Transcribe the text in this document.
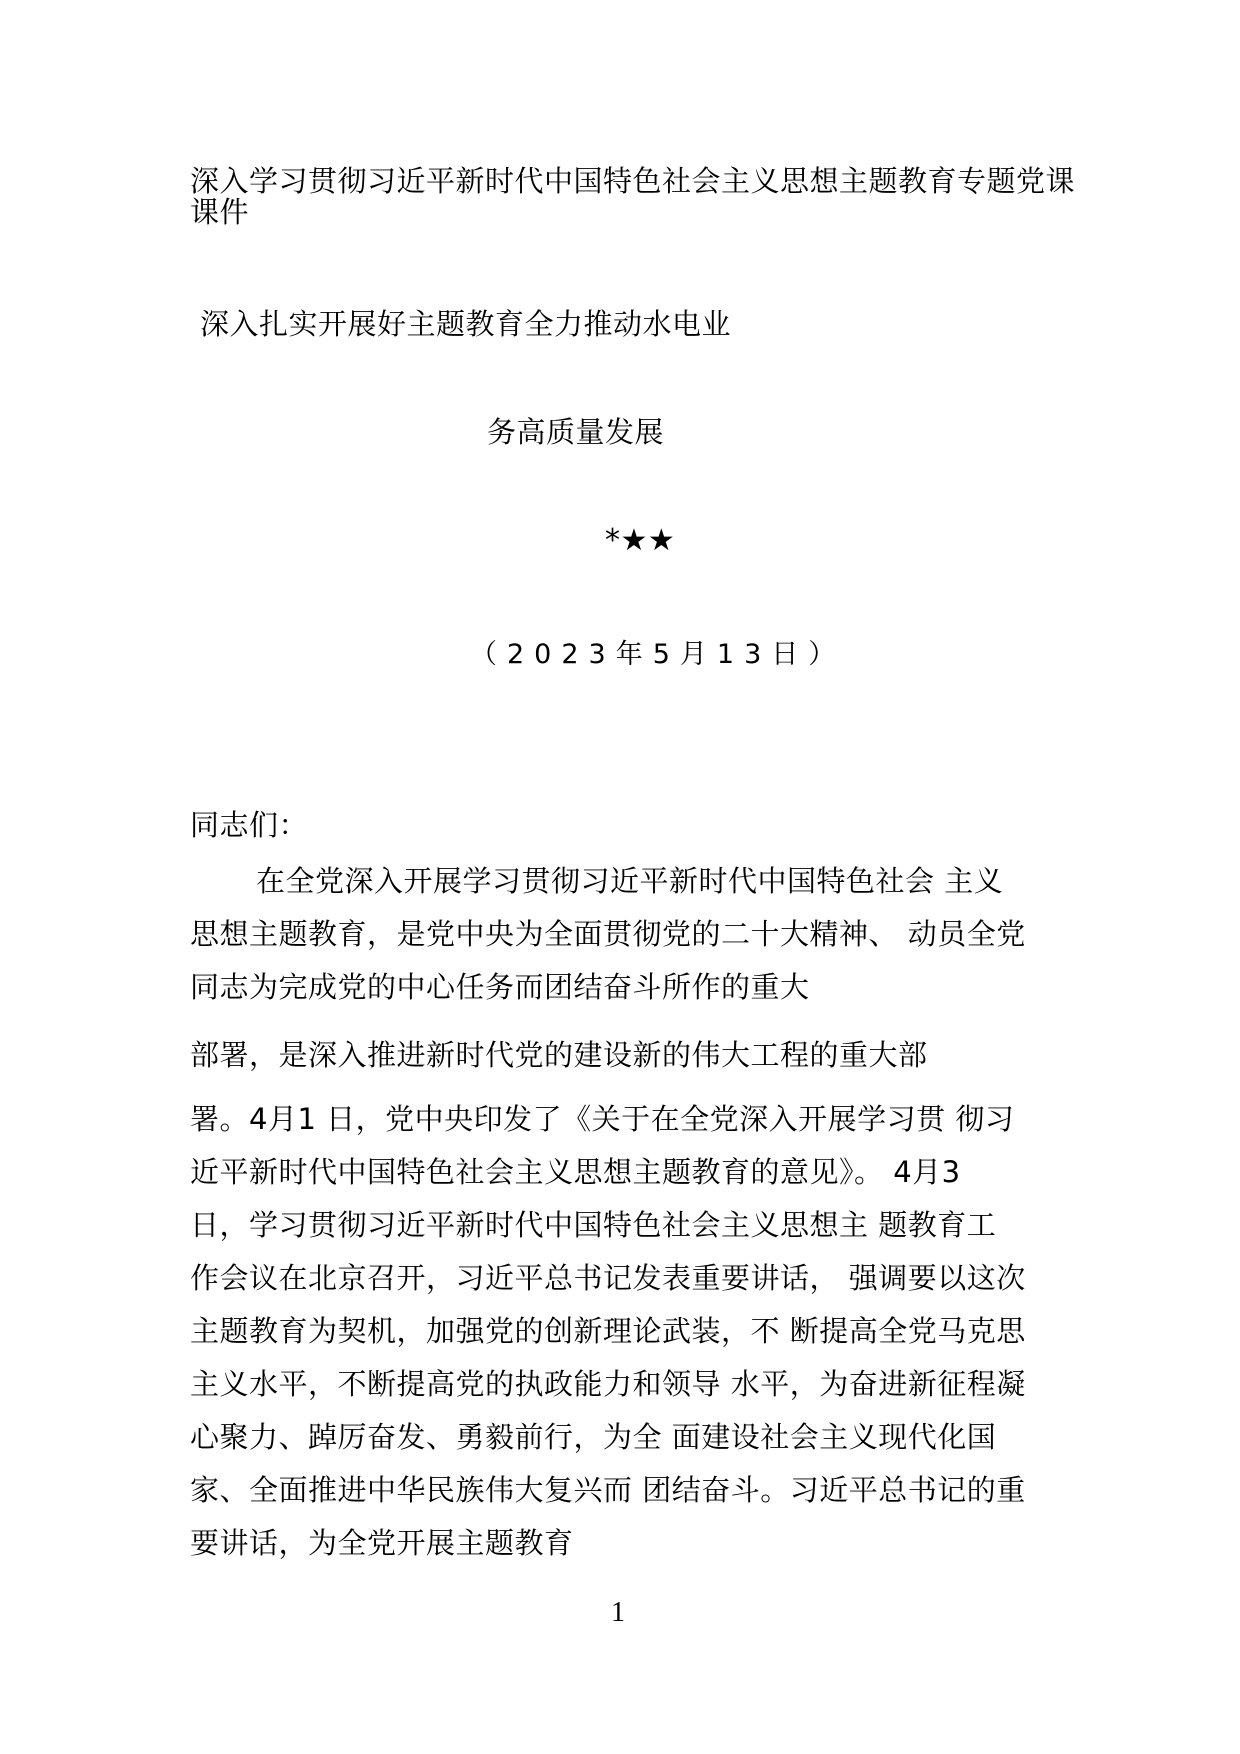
深入学习贯彻习近平新时代中国特色社会主义思想主题教育专题党课
课件
深入扎实开展好主题教育全力推动水电业
务高质量发展
*★★
（2023年5月13日）
同志们：
在全党深入开展学习贯彻习近平新时代中国特色社会 主义
思想主题教育，是党中央为全面贯彻党的二十大精神、 动员全党
同志为完成党的中心任务而团结奋斗所作的重大
部署，是深入推进新时代党的建设新的伟大工程的重大部
署。4月1 日，党中央印发了《关于在全党深入开展学习贯 彻习
近平新时代中国特色社会主义思想主题教育的意见》。 4月3
日，学习贯彻习近平新时代中国特色社会主义思想主 题教育工
作会议在北京召开，习近平总书记发表重要讲话， 强调要以这次
主题教育为契机，加强党的创新理论武装，不 断提高全党马克思
主义水平，不断提高党的执政能力和领导 水平，为奋进新征程凝
心聚力、踔厉奋发、勇毅前行，为全 面建设社会主义现代化国
家、全面推进中华民族伟大复兴而 团结奋斗。习近平总书记的重
要讲话，为全党开展主题教育
1
